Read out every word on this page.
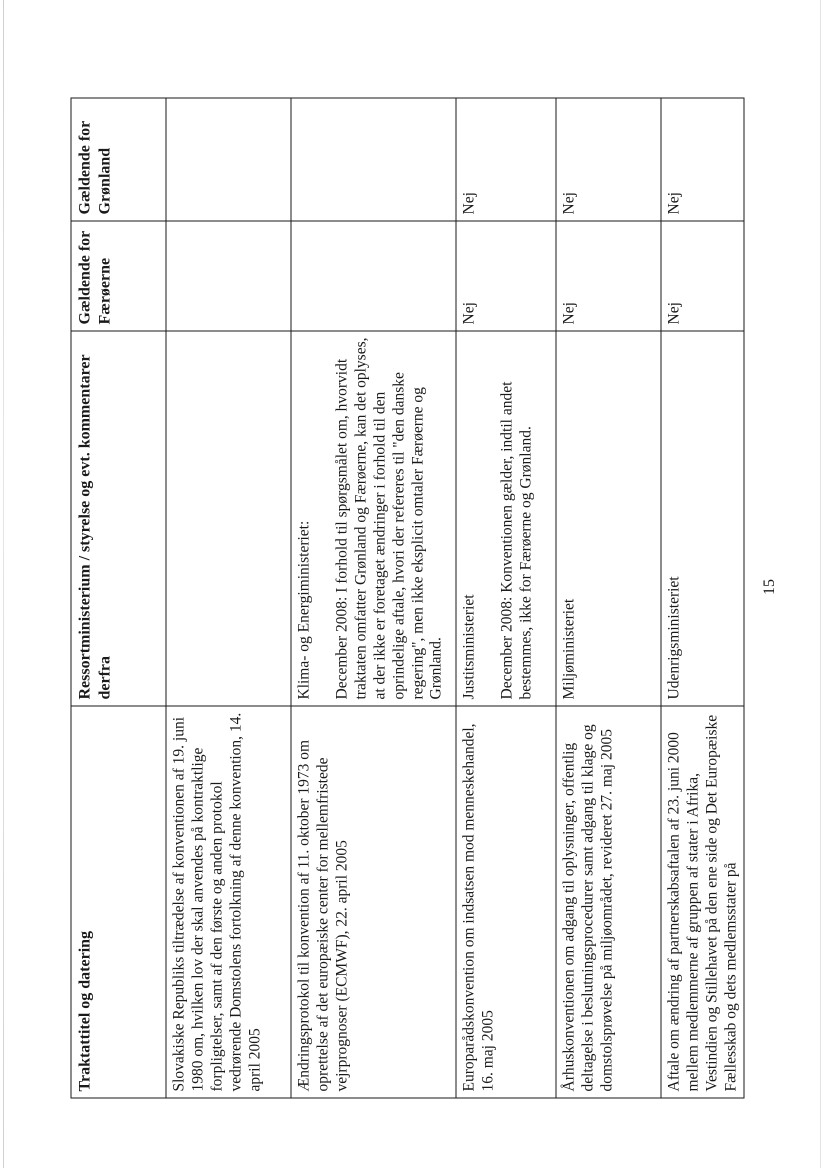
Traktattitel og datering	Ressortministerium / styrelse og evt. kommentarer derfra	Gældende for Færøerne	Gældende for Grønland
Slovakiske Republiks tiltrædelse af konventionen af 19. juni 1980 om, hvilken lov der skal anvendes på kontraktlige forpligtelser, samt af den første og anden protokol vedrørende Domstolens fortolkning af denne konvention, 14. april 2005	

Ændringsprotokol til konvention af 11. oktober 1973 om oprettelse af det europæiske center for mellemfristede vejrprognoser (ECMWF), 22. april 2005	Klima- og Energiministeriet: December 2008: I forhold til spørgsmålet om, hvorvidt traktaten omfatter Grønland og Færøerne, kan det oplyses, at der ikke er foretaget ændringer i forhold til den oprindelige aftale, hvori der refereres til "den danske regering", men ikke eksplicit omtaler Færøerne og Grønland.		

Europarådskonvention om indsatsen mod menneskehandel, 16. maj 2005	Justitsministeriet December 2008: Konventionen gælder, indtil andet bestemmes, ikke for Færøerne og Grønland.	Nej	Nej
Århuskonventionen om adgang til oplysninger, offentlig deltagelse i beslutningsprocedurer samt adgang til klage og domstolsprøvelse på miljøområdet, revideret 27. maj 2005	Miljøministeriet	Nej	Nej
Aftale om ændring af partnerskabsaftalen af 23. juni 2000 mellem medlemmerne af gruppen af stater i Afrika, Vestindien og Stillehavet på den ene side og Det Europæiske Fællesskab og dets medlemsstater på	Udenrigsministeriet	Nej	Nej
15
